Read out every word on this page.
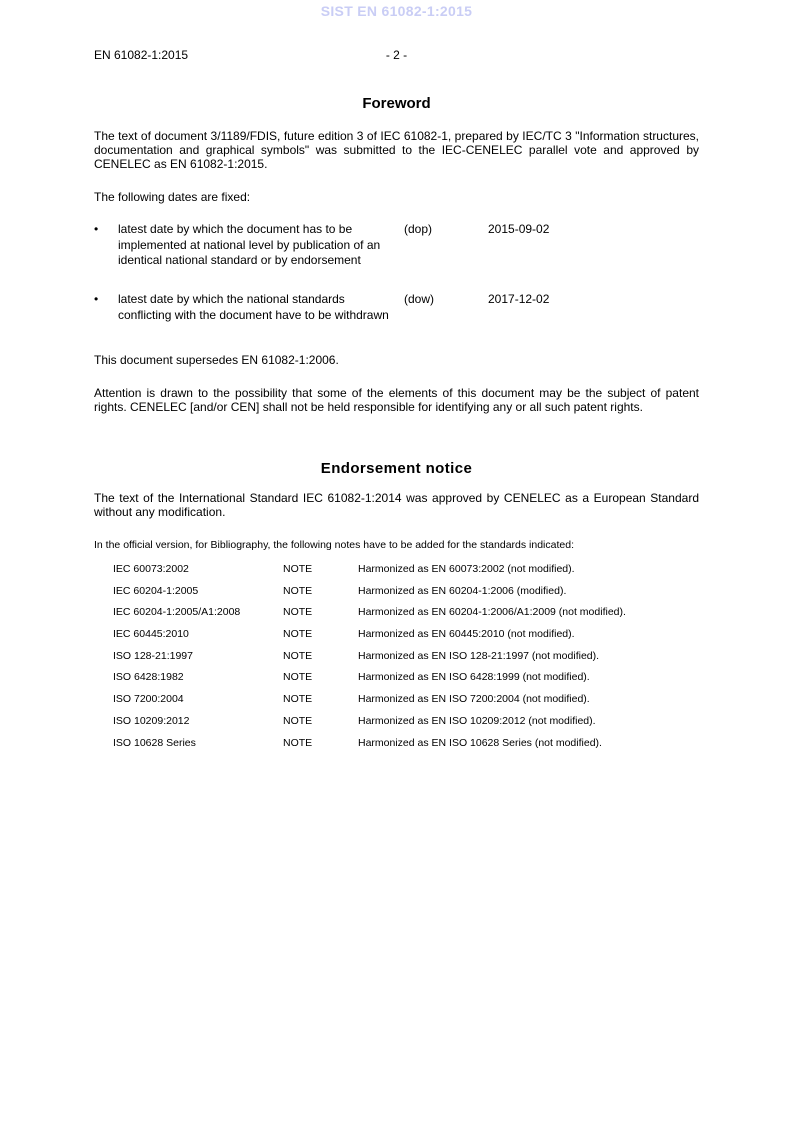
SIST EN 61082-1:2015
EN 61082-1:2015	- 2 -
Foreword
The text of document 3/1189/FDIS, future edition 3 of IEC 61082-1, prepared by IEC/TC 3 "Information structures, documentation and graphical symbols" was submitted to the IEC-CENELEC parallel vote and approved by CENELEC as EN 61082-1:2015.
The following dates are fixed:
• latest date by which the document has to be implemented at national level by publication of an identical national standard or by endorsement
(dop)	2015-09-02
• latest date by which the national standards conflicting with the document have to be withdrawn
(dow)	2017-12-02
This document supersedes EN 61082-1:2006.
Attention is drawn to the possibility that some of the elements of this document may be the subject of patent rights. CENELEC [and/or CEN] shall not be held responsible for identifying any or all such patent rights.
Endorsement notice
The text of the International Standard IEC 61082-1:2014 was approved by CENELEC as a European Standard without any modification.
In the official version, for Bibliography, the following notes have to be added for the standards indicated:
IEC 60073:2002	NOTE	Harmonized as EN 60073:2002 (not modified).
IEC 60204-1:2005	NOTE	Harmonized as EN 60204-1:2006 (modified).
IEC 60204-1:2005/A1:2008	NOTE	Harmonized as EN 60204-1:2006/A1:2009 (not modified).
IEC 60445:2010	NOTE	Harmonized as EN 60445:2010 (not modified).
ISO 128-21:1997	NOTE	Harmonized as EN ISO 128-21:1997 (not modified).
ISO 6428:1982	NOTE	Harmonized as EN ISO 6428:1999 (not modified).
ISO 7200:2004	NOTE	Harmonized as EN ISO 7200:2004 (not modified).
ISO 10209:2012	NOTE	Harmonized as EN ISO 10209:2012 (not modified).
ISO 10628 Series	NOTE	Harmonized as EN ISO 10628 Series (not modified).
